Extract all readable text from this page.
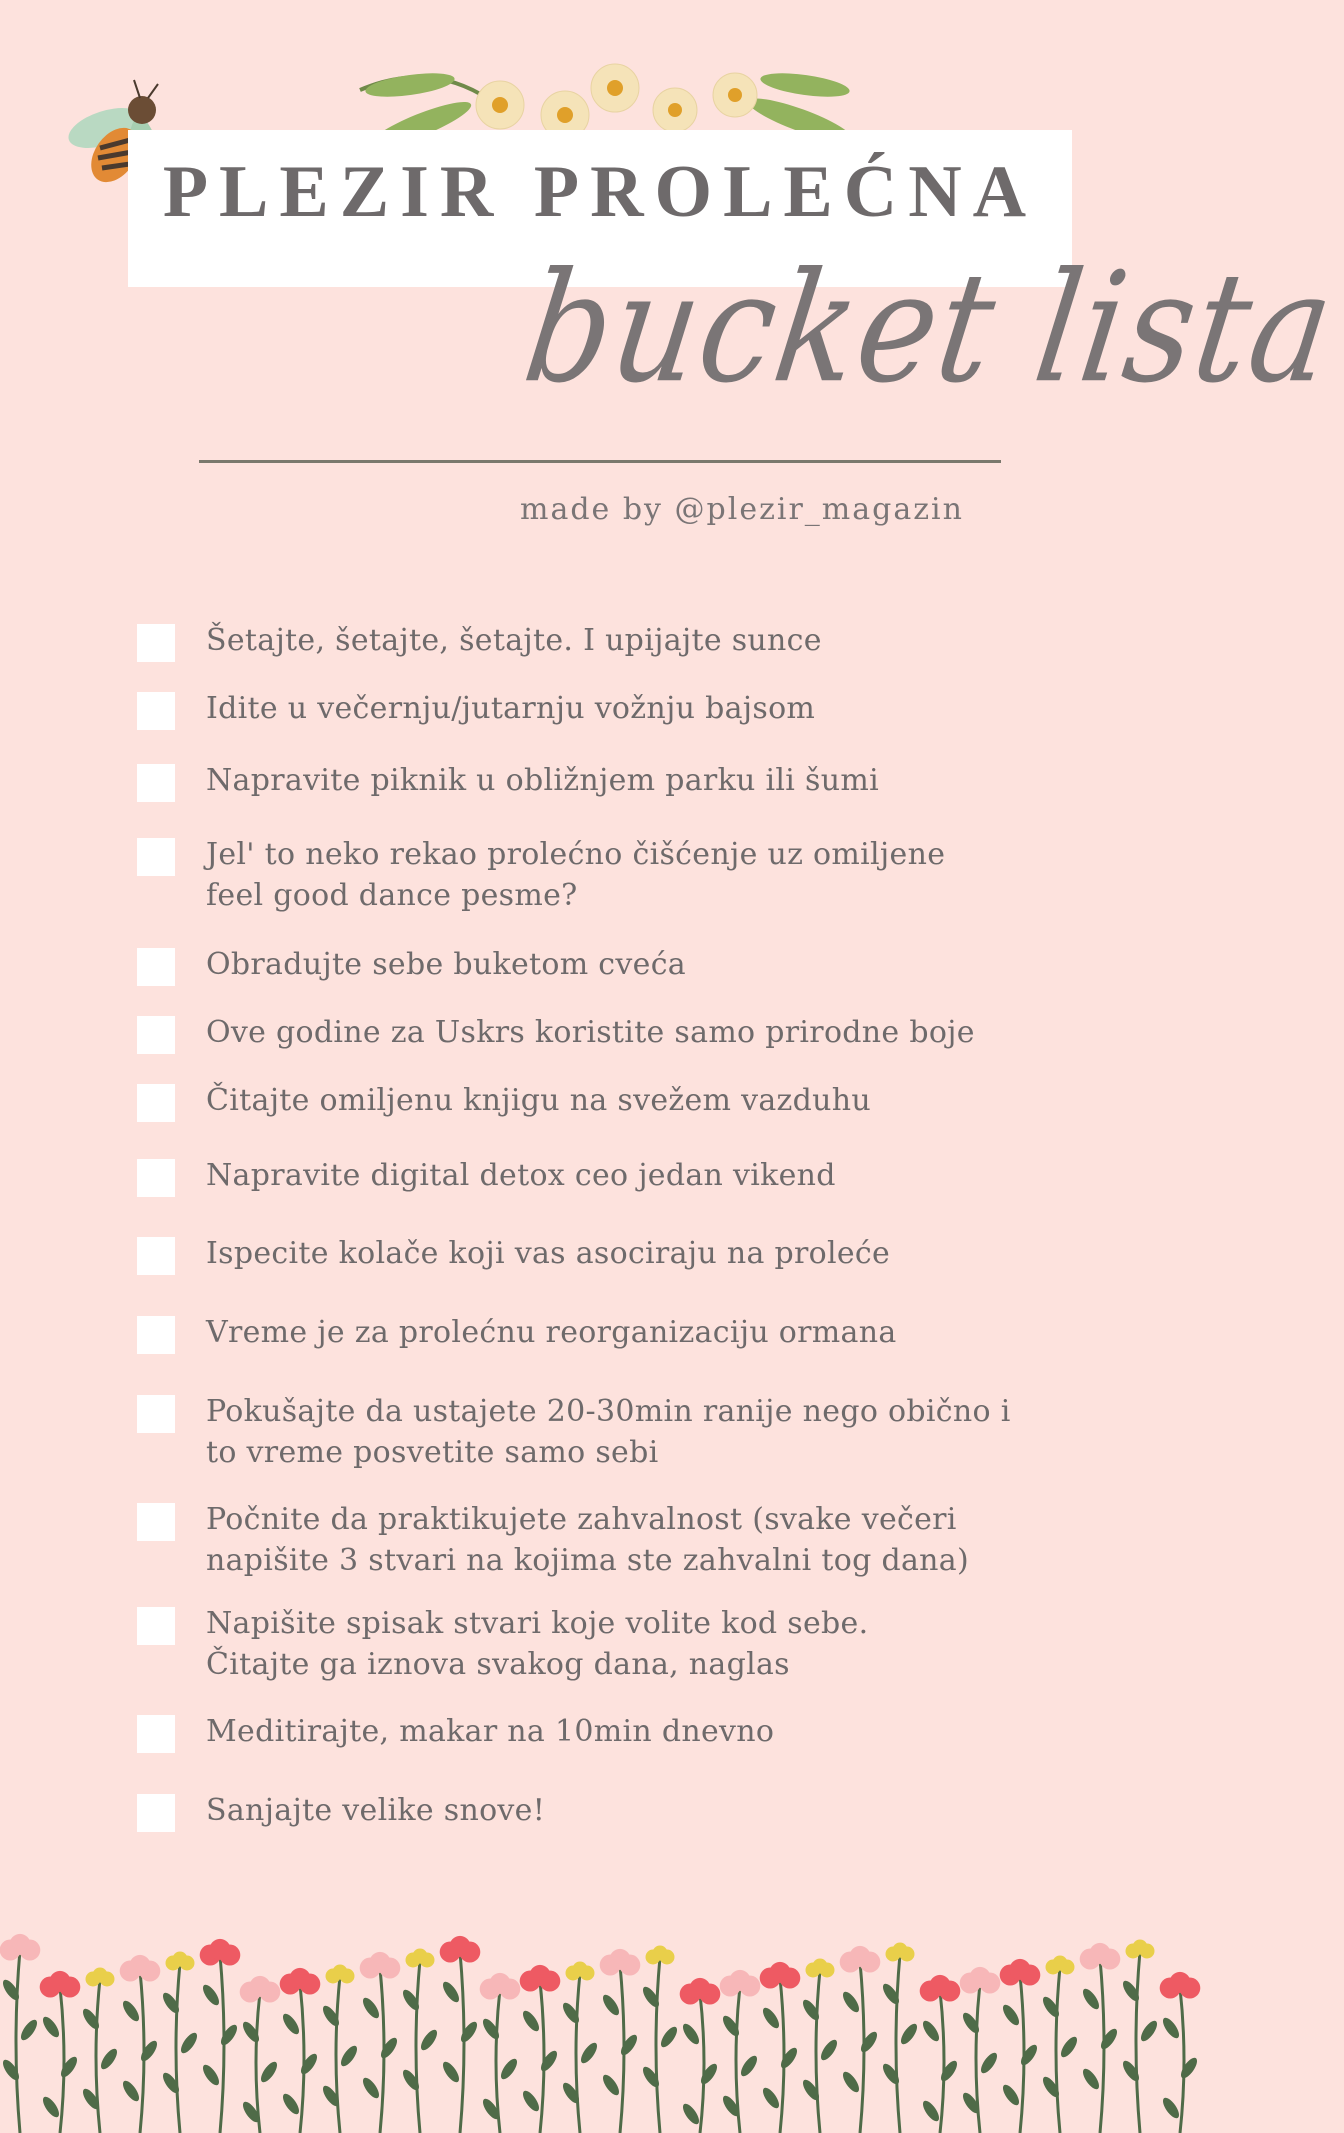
PLEZIR PROLEĆNA
bucket lista
made by @plezir_magazin
Šetajte, šetajte, šetajte. I upijajte sunce
Idite u večernju/jutarnju vožnju bajsom
Napravite piknik u obližnjem parku ili šumi
Jel' to neko rekao prolećno čišćenje uz omiljene
feel good dance pesme?
Obradujte sebe buketom cveća
Ove godine za Uskrs koristite samo prirodne boje
Čitajte omiljenu knjigu na svežem vazduhu
Napravite digital detox ceo jedan vikend
Ispecite kolače koji vas asociraju na proleće
Vreme je za prolećnu reorganizaciju ormana
Pokušajte da ustajete 20-30min ranije nego obično i
to vreme posvetite samo sebi
Počnite da praktikujete zahvalnost (svake večeri
napišite 3 stvari na kojima ste zahvalni tog dana)
Napišite spisak stvari koje volite kod sebe.
Čitajte ga iznova svakog dana, naglas
Meditirajte, makar na 10min dnevno
Sanjajte velike snove!
